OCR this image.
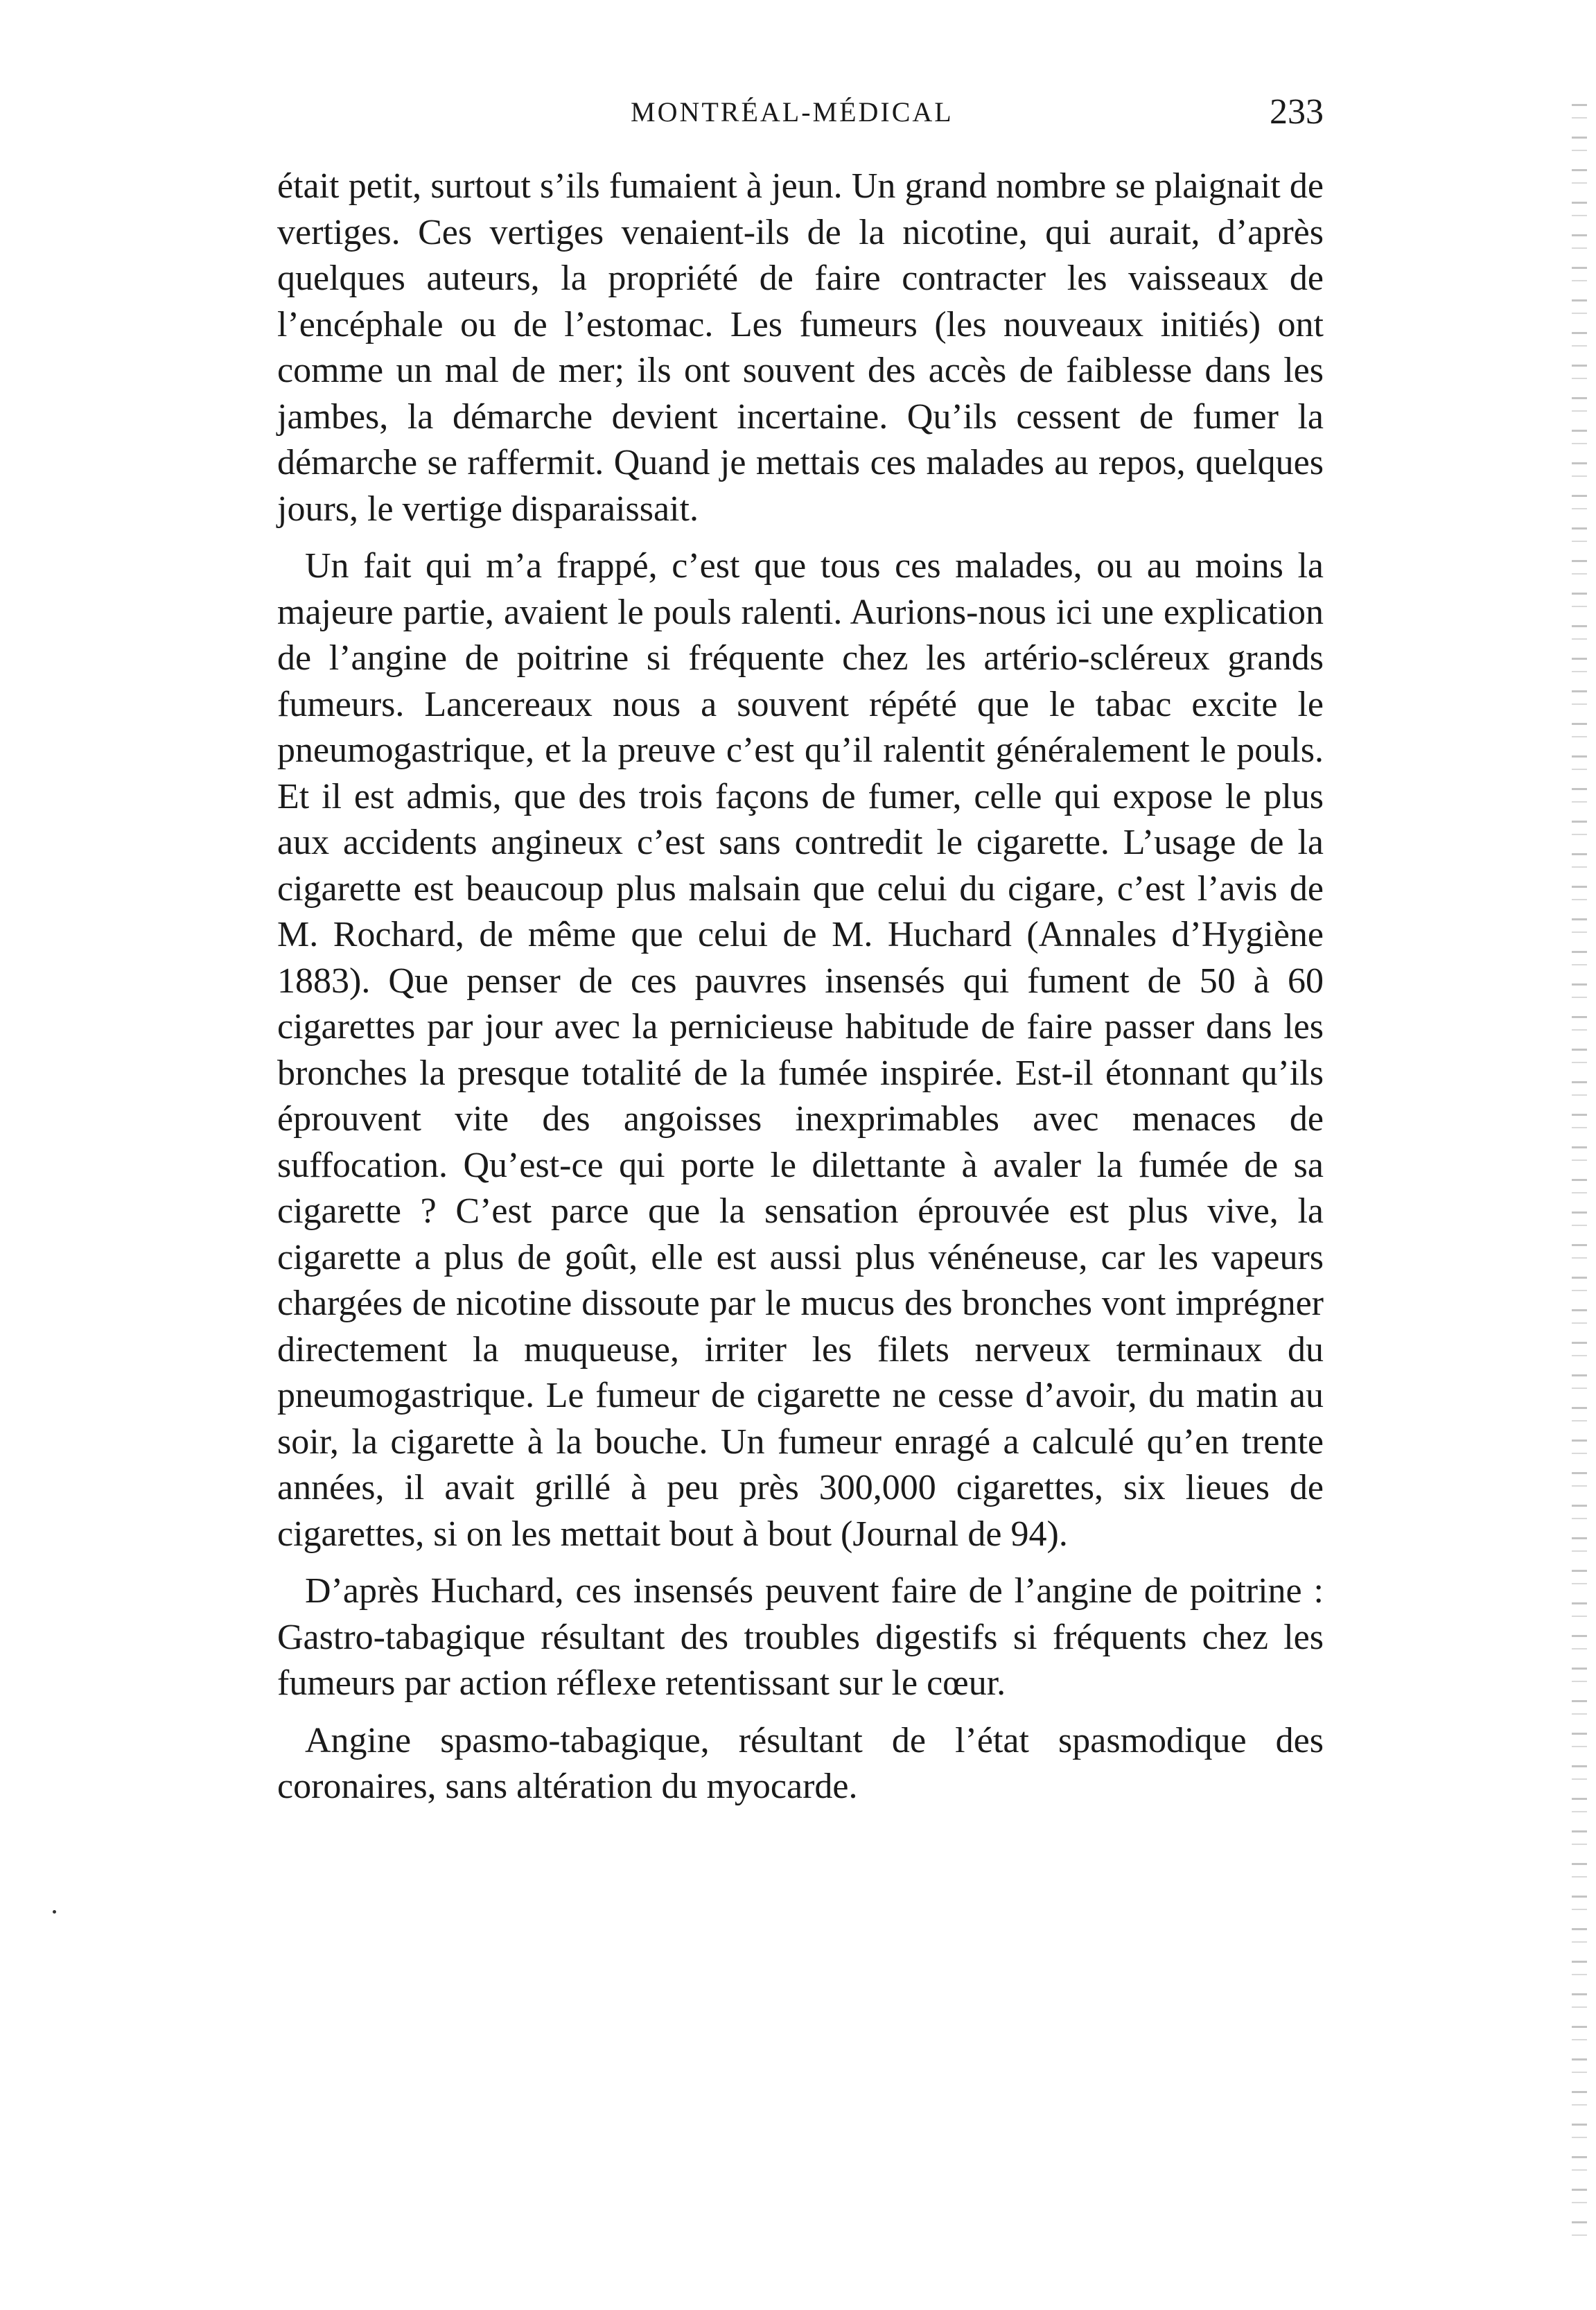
MONTRÉAL-MÉDICAL	233

était petit, surtout s’ils fumaient à jeun. Un grand nombre se plaignait de vertiges. Ces vertiges venaient-ils de la nicotine, qui aurait, d’après quelques auteurs, la propriété de faire contracter les vaisseaux de l’encéphale ou de l’estomac. Les fumeurs (les nouveaux initiés) ont comme un mal de mer; ils ont souvent des accès de faiblesse dans les jambes, la démarche devient incertaine. Qu’ils cessent de fumer la démarche se raffermit. Quand je mettais ces malades au repos, quelques jours, le vertige disparaissait.

Un fait qui m’a frappé, c’est que tous ces malades, ou au moins la majeure partie, avaient le pouls ralenti. Aurions-nous ici une explication de l’angine de poitrine si fréquente chez les artério-scléreux grands fumeurs. Lancereaux nous a souvent répété que le tabac excite le pneumogastrique, et la preuve c’est qu’il ralentit généralement le pouls. Et il est admis, que des trois façons de fumer, celle qui expose le plus aux accidents angineux c’est sans contredit le cigarette. L’usage de la cigarette est beaucoup plus malsain que celui du cigare, c’est l’avis de M. Rochard, de même que celui de M. Huchard (Annales d’Hygiène 1883). Que penser de ces pauvres insensés qui fument de 50 à 60 cigarettes par jour avec la pernicieuse habitude de faire passer dans les bronches la presque totalité de la fumée inspirée. Est-il étonnant qu’ils éprouvent vite des angoisses inexprimables avec menaces de suffocation. Qu’est-ce qui porte le dilettante à avaler la fumée de sa cigarette ? C’est parce que la sensation éprouvée est plus vive, la cigarette a plus de goût, elle est aussi plus vénéneuse, car les vapeurs chargées de nicotine dissoute par le mucus des bronches vont imprégner directement la muqueuse, irriter les filets nerveux terminaux du pneumogastrique. Le fumeur de cigarette ne cesse d’avoir, du matin au soir, la cigarette à la bouche. Un fumeur enragé a calculé qu’en trente années, il avait grillé à peu près 300,000 cigarettes, six lieues de cigarettes, si on les mettait bout à bout (Journal de 94).

D’après Huchard, ces insensés peuvent faire de l’angine de poitrine : Gastro-tabagique résultant des troubles digestifs si fréquents chez les fumeurs par action réflexe retentissant sur le cœur.

Angine spasmo-tabagique, résultant de l’état spasmodique des coronaires, sans altération du myocarde.
